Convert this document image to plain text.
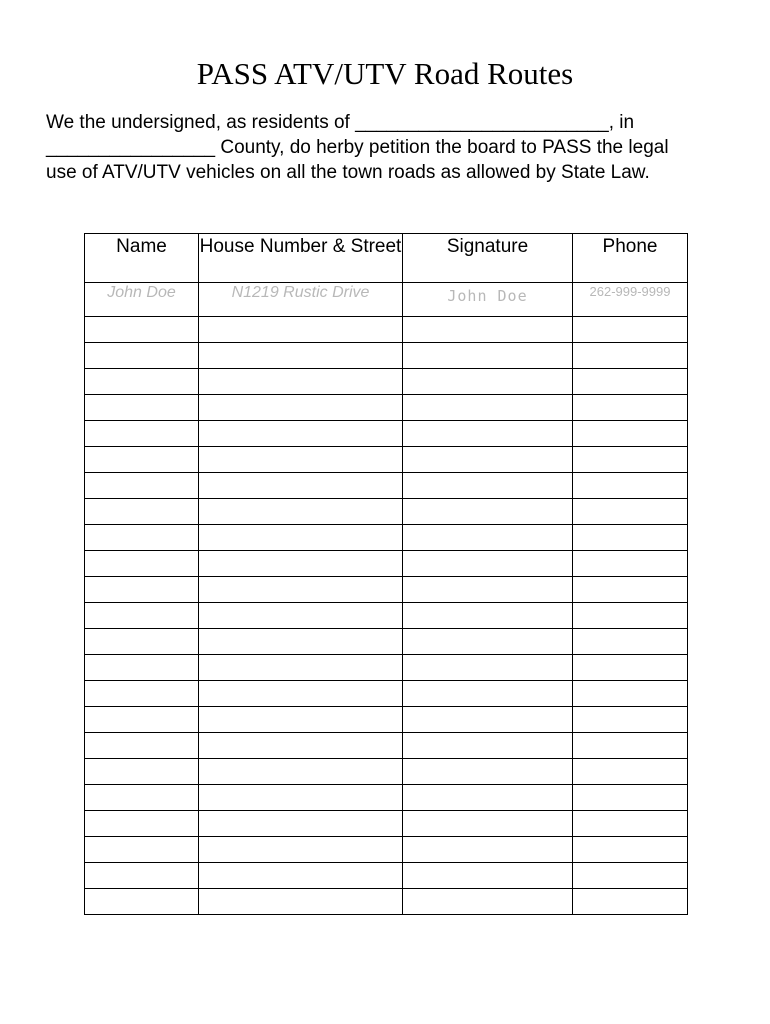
PASS ATV/UTV Road Routes
We the undersigned, as residents of ________________________, in
________________ County, do herby petition the board to PASS the legal
use of ATV/UTV vehicles on all the town roads as allowed by State Law.
Name	House Number & Street	Signature	Phone
John Doe	N1219 Rustic Drive	John Doe	262-999-9999
